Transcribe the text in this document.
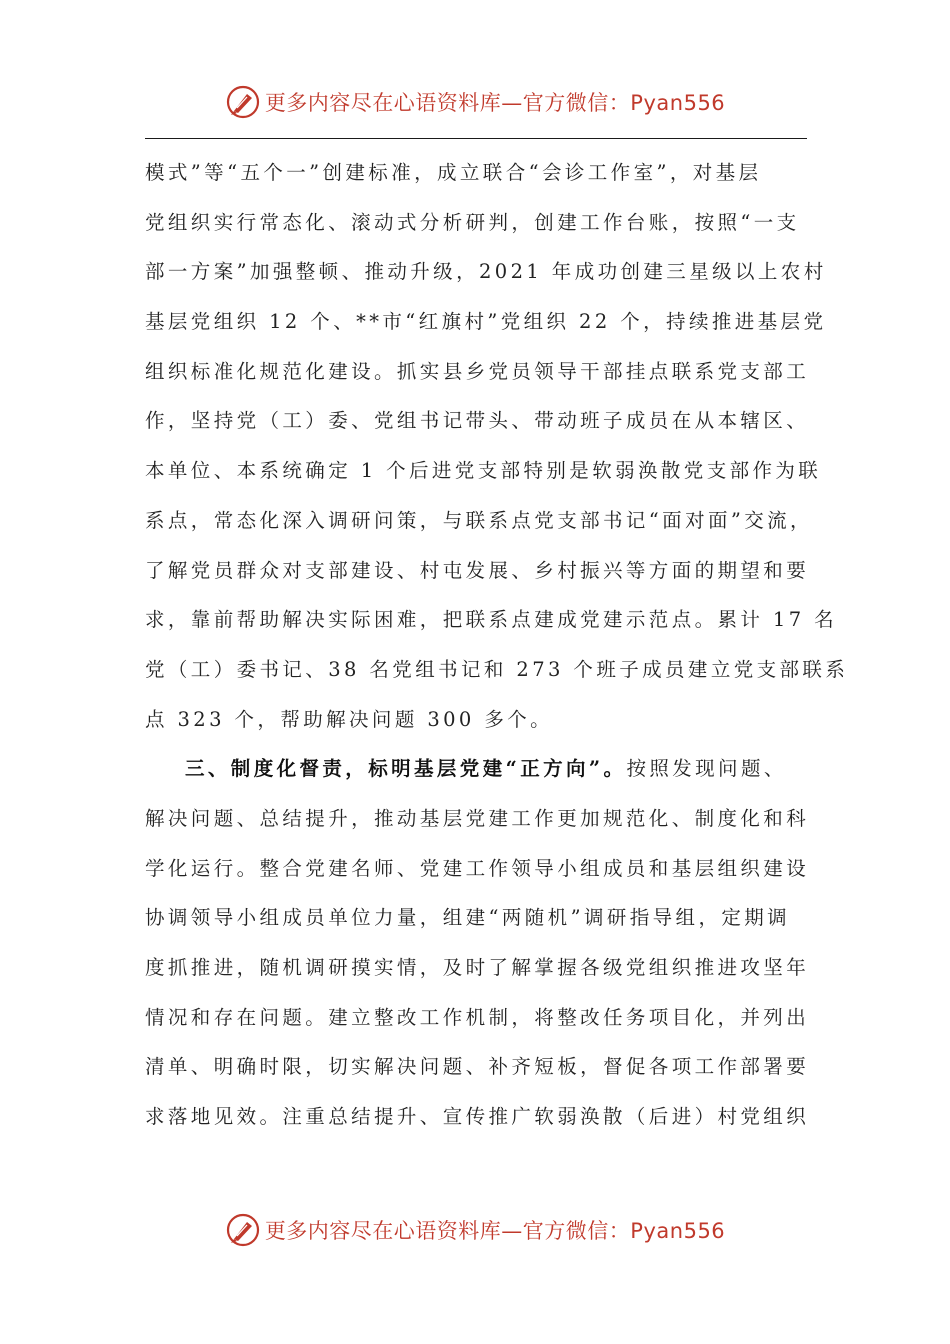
更多内容尽在心语资料库—官方微信：Pyan556
模式”等“五个一”创建标准，成立联合“会诊工作室”，对基层
党组织实行常态化、滚动式分析研判，创建工作台账，按照“一支
部一方案”加强整顿、推动升级，2021 年成功创建三星级以上农村
基层党组织 12 个、**市“红旗村”党组织 22 个，持续推进基层党
组织标准化规范化建设。抓实县乡党员领导干部挂点联系党支部工
作，坚持党（工）委、党组书记带头、带动班子成员在从本辖区、
本单位、本系统确定 1 个后进党支部特别是软弱涣散党支部作为联
系点，常态化深入调研问策，与联系点党支部书记“面对面”交流，
了解党员群众对支部建设、村屯发展、乡村振兴等方面的期望和要
求，靠前帮助解决实际困难，把联系点建成党建示范点。累计 17 名
党（工）委书记、38 名党组书记和 273 个班子成员建立党支部联系
点 323 个，帮助解决问题 300 多个。
三、制度化督责，标明基层党建“正方向”。按照发现问题、
解决问题、总结提升，推动基层党建工作更加规范化、制度化和科
学化运行。整合党建名师、党建工作领导小组成员和基层组织建设
协调领导小组成员单位力量，组建“两随机”调研指导组，定期调
度抓推进，随机调研摸实情，及时了解掌握各级党组织推进攻坚年
情况和存在问题。建立整改工作机制，将整改任务项目化，并列出
清单、明确时限，切实解决问题、补齐短板，督促各项工作部署要
求落地见效。注重总结提升、宣传推广软弱涣散（后进）村党组织
更多内容尽在心语资料库—官方微信：Pyan556
